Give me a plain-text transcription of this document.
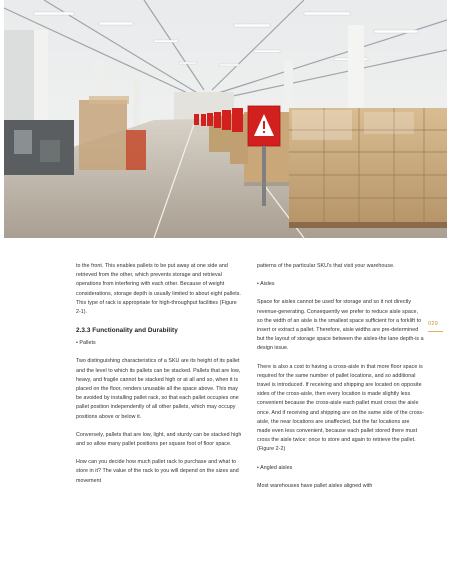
to the front. This enables pallets to be put away at one side and retrieved from the other, which prevents storage and retrieval operations from interfering with each other. Because of weight considerations, storage depth is usually limited to about eight pallets. This type of rack is appropriate for high-throughput facilities (Figure 2-1).

2.3.3 Functionality and Durability

• Pallets

Two distinguishing characteristics of a SKU are its height of its pallet and the level to which its pallets can be stacked. Pallets that are low, heavy, and fragile cannot be stacked high or at all and so, when it is placed on the floor, renders unusable all the space above. This may be avoided by installing pallet rack, so that each pallet occupies one pallet position independently of all other pallets, which may occupy positions above or below it.

Conversely, pallets that are low, light, and sturdy can be stacked high and so allow many pallet positions per square foot of floor space.

How can you decide how much pallet rack to purchase and what to store in it? The value of the rack to you will depend on the sizes and movement

patterns of the particular SKU's that visit your warehouse.

• Aisles

Space for aisles cannot be used for storage and so it not directly revenue-generating. Consequently we prefer to reduce aisle space, so the width of an aisle is the smallest space sufficient for a forklift to insert or extract a pallet. Therefore, aisle widths are pre-determined but the layout of storage space between the aisles-the lane depth-is a design issue.

There is also a cost to having a cross-aisle in that more floor space is required for the same number of pallet locations, and so additional travel is introduced. If receiving and shipping are located on opposite sides of the cross-aisle, then every location is made slightly less convenient because the cross-aisle each pallet must cross the aisle once. And if receiving and shipping are on the same side of the cross-aisle, the near locations are unaffected, but the far locations are made even less convenient, because each pallet stored there must cross the aisle twice: once to store and again to retrieve the pallet. (Figure 2-2)

• Angled aisles

Most warehouses have pallet aisles aligned with

029
